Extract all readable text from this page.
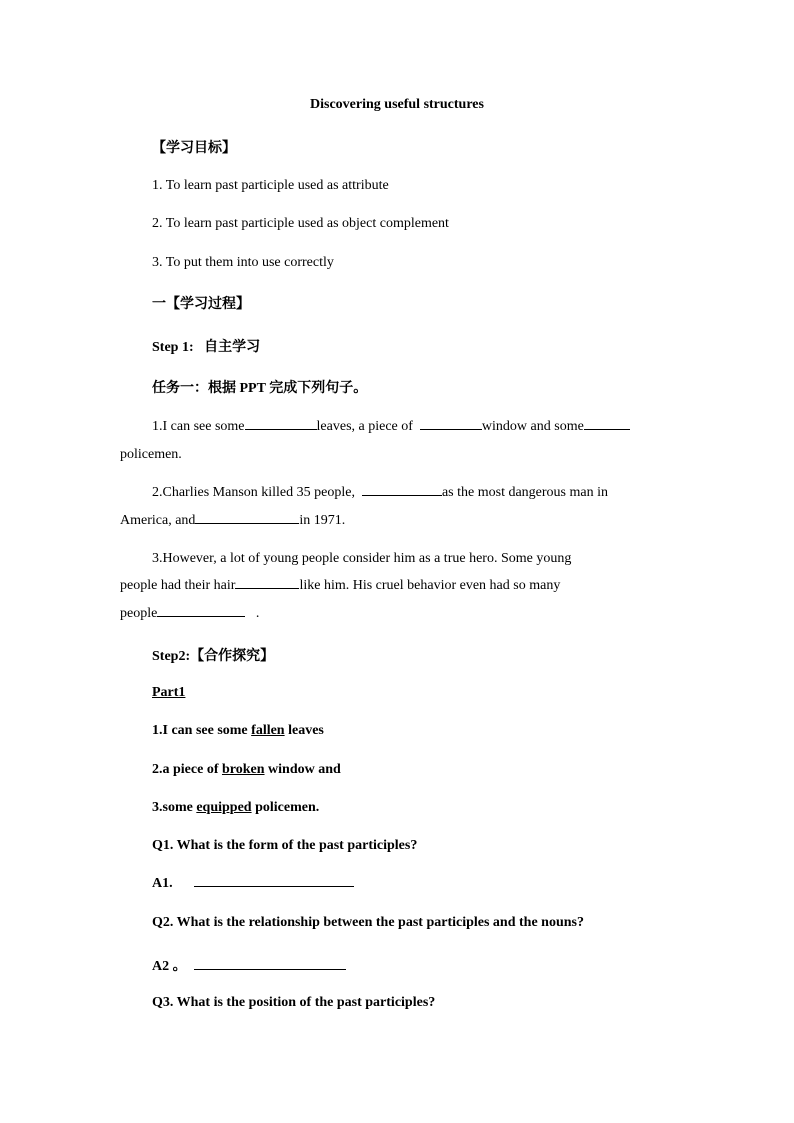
Discovering useful structures
【学习目标】
1. To learn past participle used as attribute
2. To learn past participle used as object complement
3. To put them into use correctly
一【学习过程】
Step 1: 自主学习
任务一：根据 PPT 完成下列句子。
1.I can see some	leaves, a piece of	window and some
policemen.
2.Charlies Manson killed 35 people,	as the most dangerous man in
America, and	in 1971.
3.However, a lot of young people consider him as a true hero. Some young
people had their hair	like him. His cruel behavior even had so many
people	.
Step2:【合作探究】
Part1
1.I can see some fallen leaves
2.a piece of broken window and
3.some equipped policemen.
Q1. What is the form of the past participles?
A1.
Q2. What is the relationship between the past participles and the nouns?
A2 。
Q3. What is the position of the past participles?
